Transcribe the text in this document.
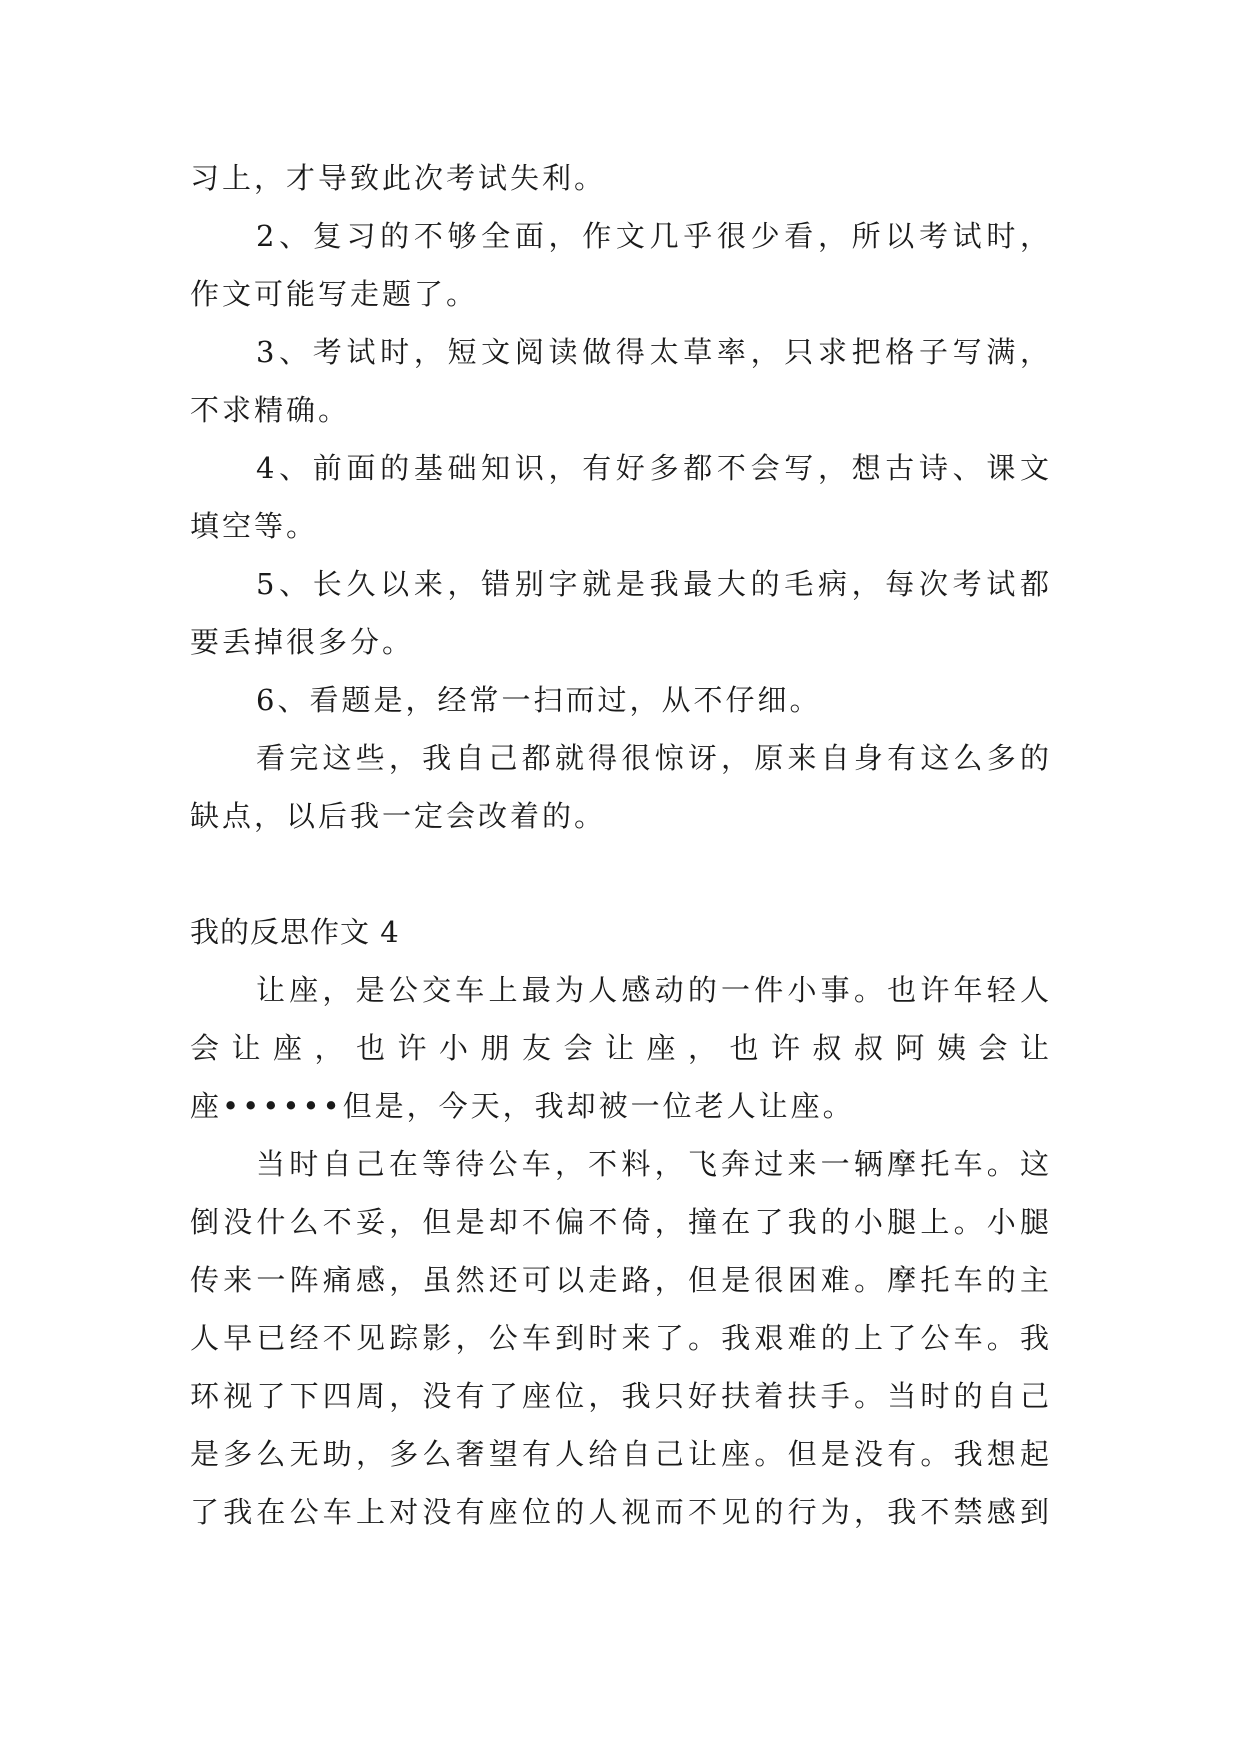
习上，才导致此次考试失利。
2、复习的不够全面，作文几乎很少看，所以考试时，
作文可能写走题了。
3、考试时，短文阅读做得太草率，只求把格子写满，
不求精确。
4、前面的基础知识，有好多都不会写，想古诗、课文
填空等。
5、长久以来，错别字就是我最大的毛病，每次考试都
要丢掉很多分。
6、看题是，经常一扫而过，从不仔细。
看完这些，我自己都就得很惊讶，原来自身有这么多的
缺点，以后我一定会改着的。
我的反思作文 4
让座，是公交车上最为人感动的一件小事。也许年轻人
会让座，也许小朋友会让座，也许叔叔阿姨会让
座••••••但是，今天，我却被一位老人让座。
当时自己在等待公车，不料，飞奔过来一辆摩托车。这
倒没什么不妥，但是却不偏不倚，撞在了我的小腿上。小腿
传来一阵痛感，虽然还可以走路，但是很困难。摩托车的主
人早已经不见踪影，公车到时来了。我艰难的上了公车。我
环视了下四周，没有了座位，我只好扶着扶手。当时的自己
是多么无助，多么奢望有人给自己让座。但是没有。我想起
了我在公车上对没有座位的人视而不见的行为，我不禁感到
